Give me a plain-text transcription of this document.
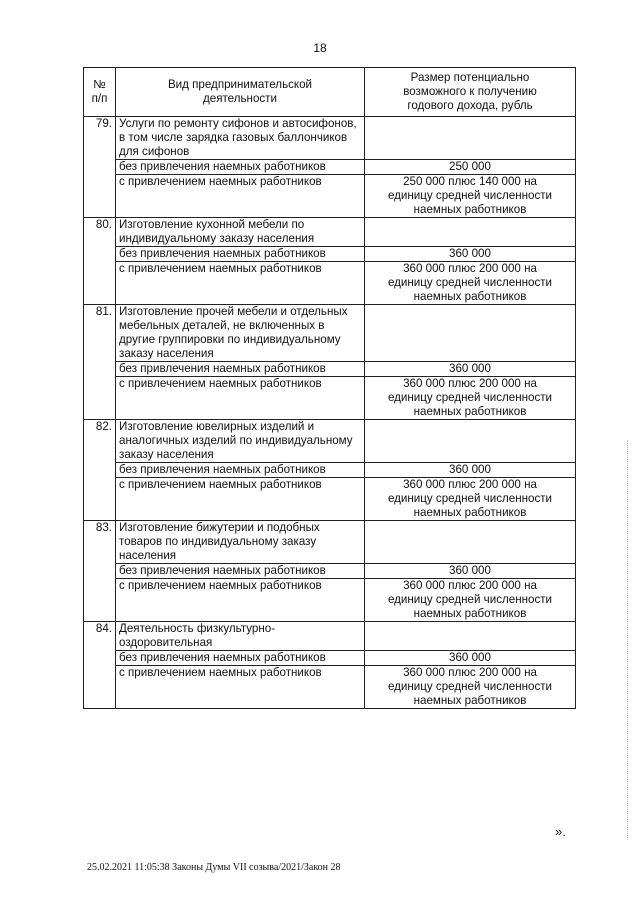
18
№
п/п	Вид предпринимательской деятельности	Размер потенциально возможного к получению годового дохода, рубль
79.	Услуги по ремонту сифонов и автосифонов, в том числе зарядка газовых баллончиков для сифонов	
	без привлечения наемных работников	250 000
	с привлечением наемных работников	250 000 плюс 140 000 на единицу средней численности наемных работников
80.	Изготовление кухонной мебели по индивидуальному заказу населения	
	без привлечения наемных работников	360 000
	с привлечением наемных работников	360 000 плюс 200 000 на единицу средней численности наемных работников
81.	Изготовление прочей мебели и отдельных мебельных деталей, не включенных в другие группировки по индивидуальному заказу населения	
	без привлечения наемных работников	360 000
	с привлечением наемных работников	360 000 плюс 200 000 на единицу средней численности наемных работников
82.	Изготовление ювелирных изделий и аналогичных изделий по индивидуальному заказу населения	
	без привлечения наемных работников	360 000
	с привлечением наемных работников	360 000 плюс 200 000 на единицу средней численности наемных работников
83.	Изготовление бижутерии и подобных товаров по индивидуальному заказу населения	
	без привлечения наемных работников	360 000
	с привлечением наемных работников	360 000 плюс 200 000 на единицу средней численности наемных работников
84.	Деятельность физкультурно-оздоровительная	
	без привлечения наемных работников	360 000
	с привлечением наемных работников	360 000 плюс 200 000 на единицу средней численности наемных работников
».
25.02.2021 11:05:38 Законы Думы VII созыва/2021/Закон 28
